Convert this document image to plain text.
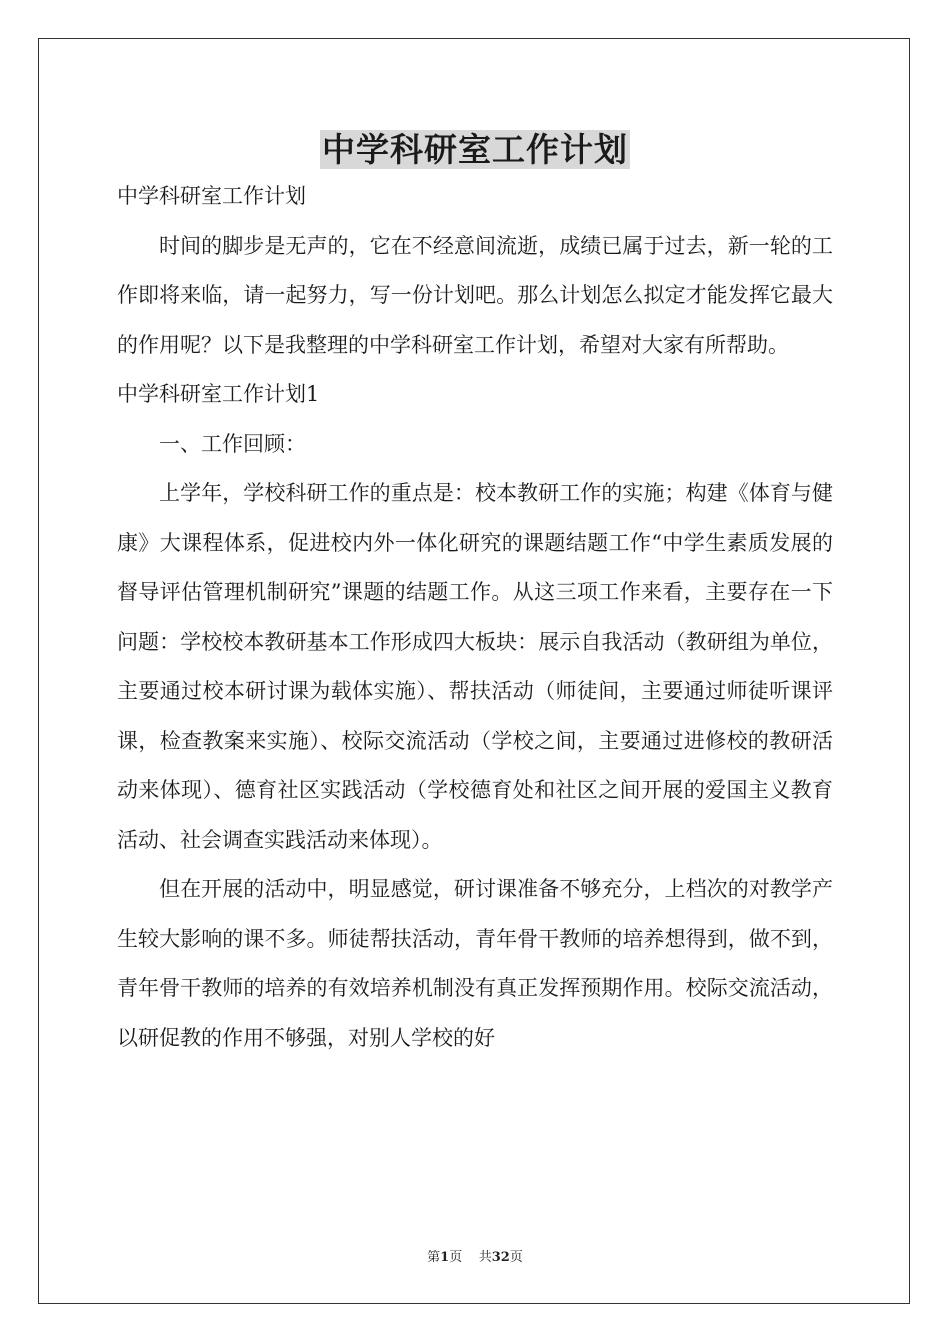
中学科研室工作计划

中学科研室工作计划

时间的脚步是无声的，它在不经意间流逝，成绩已属于过去，新一轮的工作即将来临，请一起努力，写一份计划吧。那么计划怎么拟定才能发挥它最大的作用呢？以下是我整理的中学科研室工作计划，希望对大家有所帮助。

中学科研室工作计划1

一、工作回顾：

上学年，学校科研工作的重点是：校本教研工作的实施；构建《体育与健康》大课程体系，促进校内外一体化研究的课题结题工作“中学生素质发展的督导评估管理机制研究”课题的结题工作。从这三项工作来看，主要存在一下问题：学校校本教研基本工作形成四大板块：展示自我活动（教研组为单位，主要通过校本研讨课为载体实施）、帮扶活动（师徒间，主要通过师徒听课评课，检查教案来实施）、校际交流活动（学校之间，主要通过进修校的教研活动来体现）、德育社区实践活动（学校德育处和社区之间开展的爱国主义教育活动、社会调查实践活动来体现）。

但在开展的活动中，明显感觉，研讨课准备不够充分，上档次的对教学产生较大影响的课不多。师徒帮扶活动，青年骨干教师的培养想得到，做不到，青年骨干教师的培养的有效培养机制没有真正发挥预期作用。校际交流活动，以研促教的作用不够强，对别人学校的好

第1页 共32页
